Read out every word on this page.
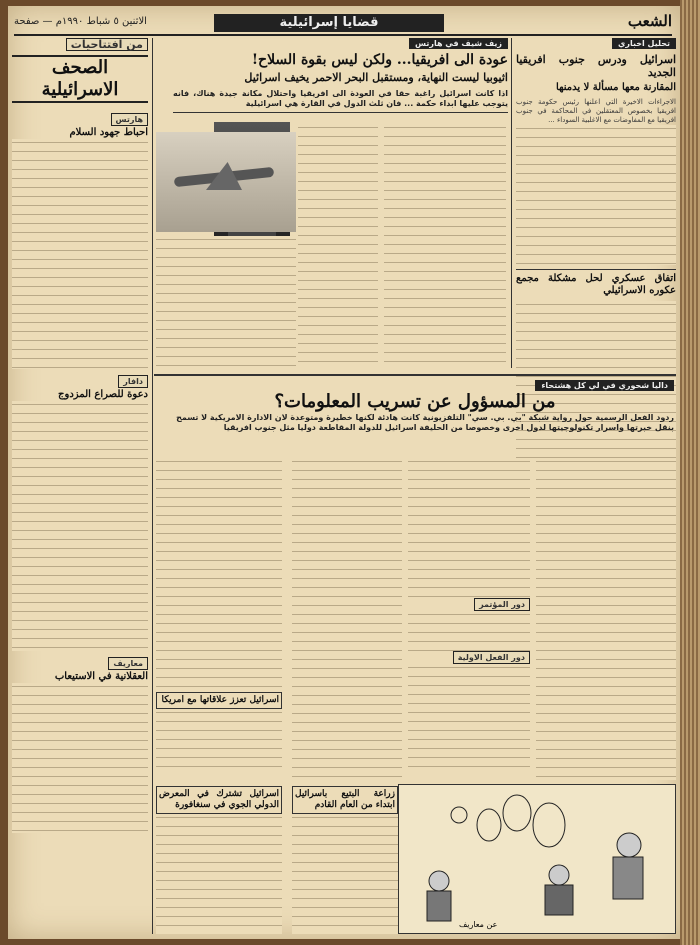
الشعب
قضايا إسرائيلية
الاثنين ٥ شباط ١٩٩٠م — صفحة
تحليل اخباري
اسرائيل ودرس جنوب افريقيا الجديد
المقارنة معها مسألة لا يدمنها
الاجراءات الاخيرة التي اعلنها رئيس حكومة جنوب افريقيا بخصوص المعتقلين في المحاكمة في جنوب افريقيا مع المفاوضات مع الاغلبية السوداء ...
اتفاق عسكري لحل مشكلة مجمع عكوره الاسرائيلي
زيف شيف في هارتس
عودة الى افريقيا... ولكن ليس بقوة السلاح!
اثيوبيا ليست النهاية، ومستقبل البحر الاحمر يخيف اسرائيل
اذا كانت اسرائيل راغبة حقا في العودة الى افريقيا واحتلال مكانة جيدة هناك، فانه يتوجب عليها ابداء حكمة ... فان ثلث الدول في القارة هي اسرائيلية
داليا شحوري في لي كل هشتحاء
من المسؤول عن تسريب المعلومات؟
ردود الفعل الرسمية حول رواية شبكة "بي. بي. سي" التلفزيونية كانت هادئة لكنها خطيرة ومتوعدة لان الادارة الامريكية لا تسمح بنقل خبرتها واسرار تكنولوجيتها لدول اخرى وخصوصا من الحليفة اسرائيل للدولة المقاطعة دوليا مثل جنوب افريقيا
دور المؤتمر
دور الفعل الاولية
عن معاريف
اسرائيل تعزز علاقاتها مع امريكا
اسرائيل تشترك في المعرض الدولي الجوي في سنغافورة
زراعة البتيع باسرائيل ابتداء من العام القادم
من افتتاحيات
الصحف الاسرائيلية
هارتس
احباط جهود السلام
دافار
دعوة للصراع المزدوج
معاريف
العقلانية في الاستيعاب
